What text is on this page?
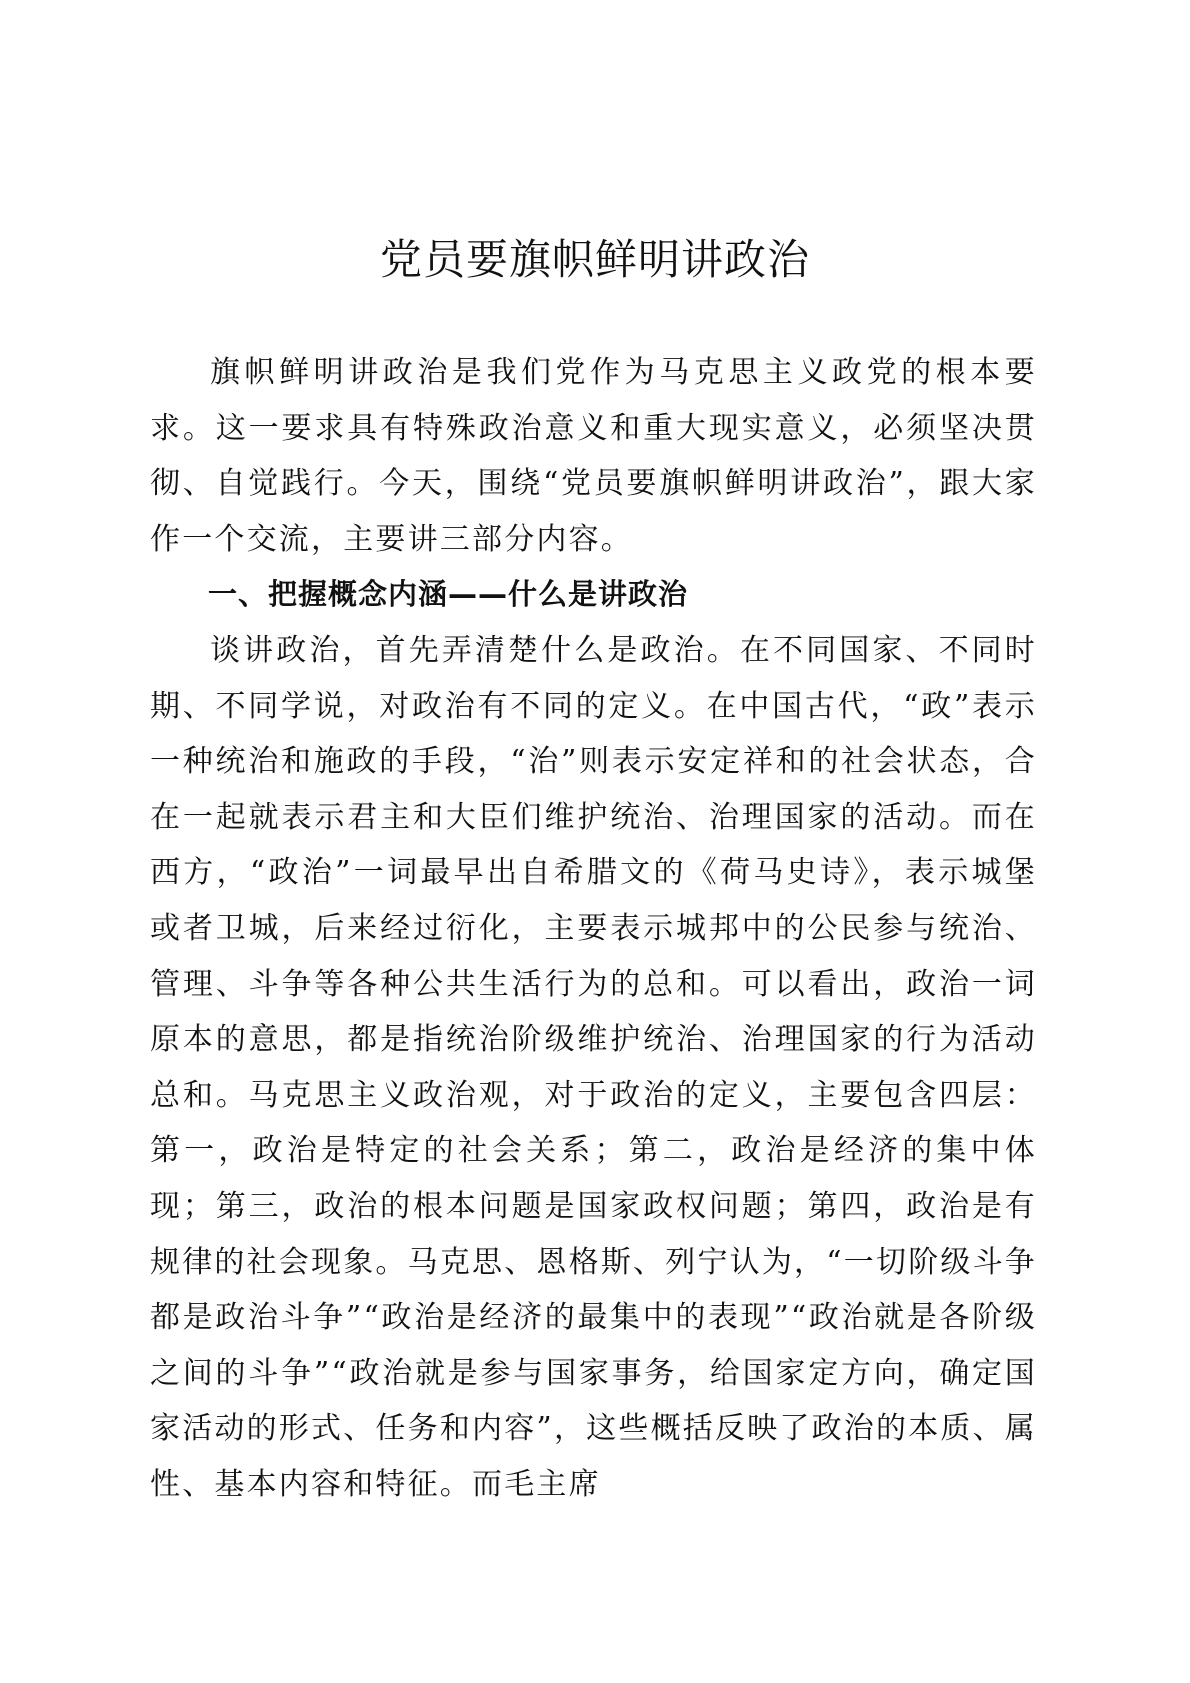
党员要旗帜鲜明讲政治

旗帜鲜明讲政治是我们党作为马克思主义政党的根本要求。这一要求具有特殊政治意义和重大现实意义，必须坚决贯彻、自觉践行。今天，围绕“党员要旗帜鲜明讲政治”，跟大家作一个交流，主要讲三部分内容。

一、把握概念内涵——什么是讲政治

谈讲政治，首先弄清楚什么是政治。在不同国家、不同时期、不同学说，对政治有不同的定义。在中国古代，“政”表示一种统治和施政的手段，“治”则表示安定祥和的社会状态，合在一起就表示君主和大臣们维护统治、治理国家的活动。而在西方，“政治”一词最早出自希腊文的《荷马史诗》，表示城堡或者卫城，后来经过衍化，主要表示城邦中的公民参与统治、管理、斗争等各种公共生活行为的总和。可以看出，政治一词原本的意思，都是指统治阶级维护统治、治理国家的行为活动总和。马克思主义政治观，对于政治的定义，主要包含四层：第一，政治是特定的社会关系；第二，政治是经济的集中体现；第三，政治的根本问题是国家政权问题；第四，政治是有规律的社会现象。马克思、恩格斯、列宁认为，“一切阶级斗争都是政治斗争”“政治是经济的最集中的表现”“政治就是各阶级之间的斗争”“政治就是参与国家事务，给国家定方向，确定国家活动的形式、任务和内容”，这些概括反映了政治的本质、属性、基本内容和特征。而毛主席
